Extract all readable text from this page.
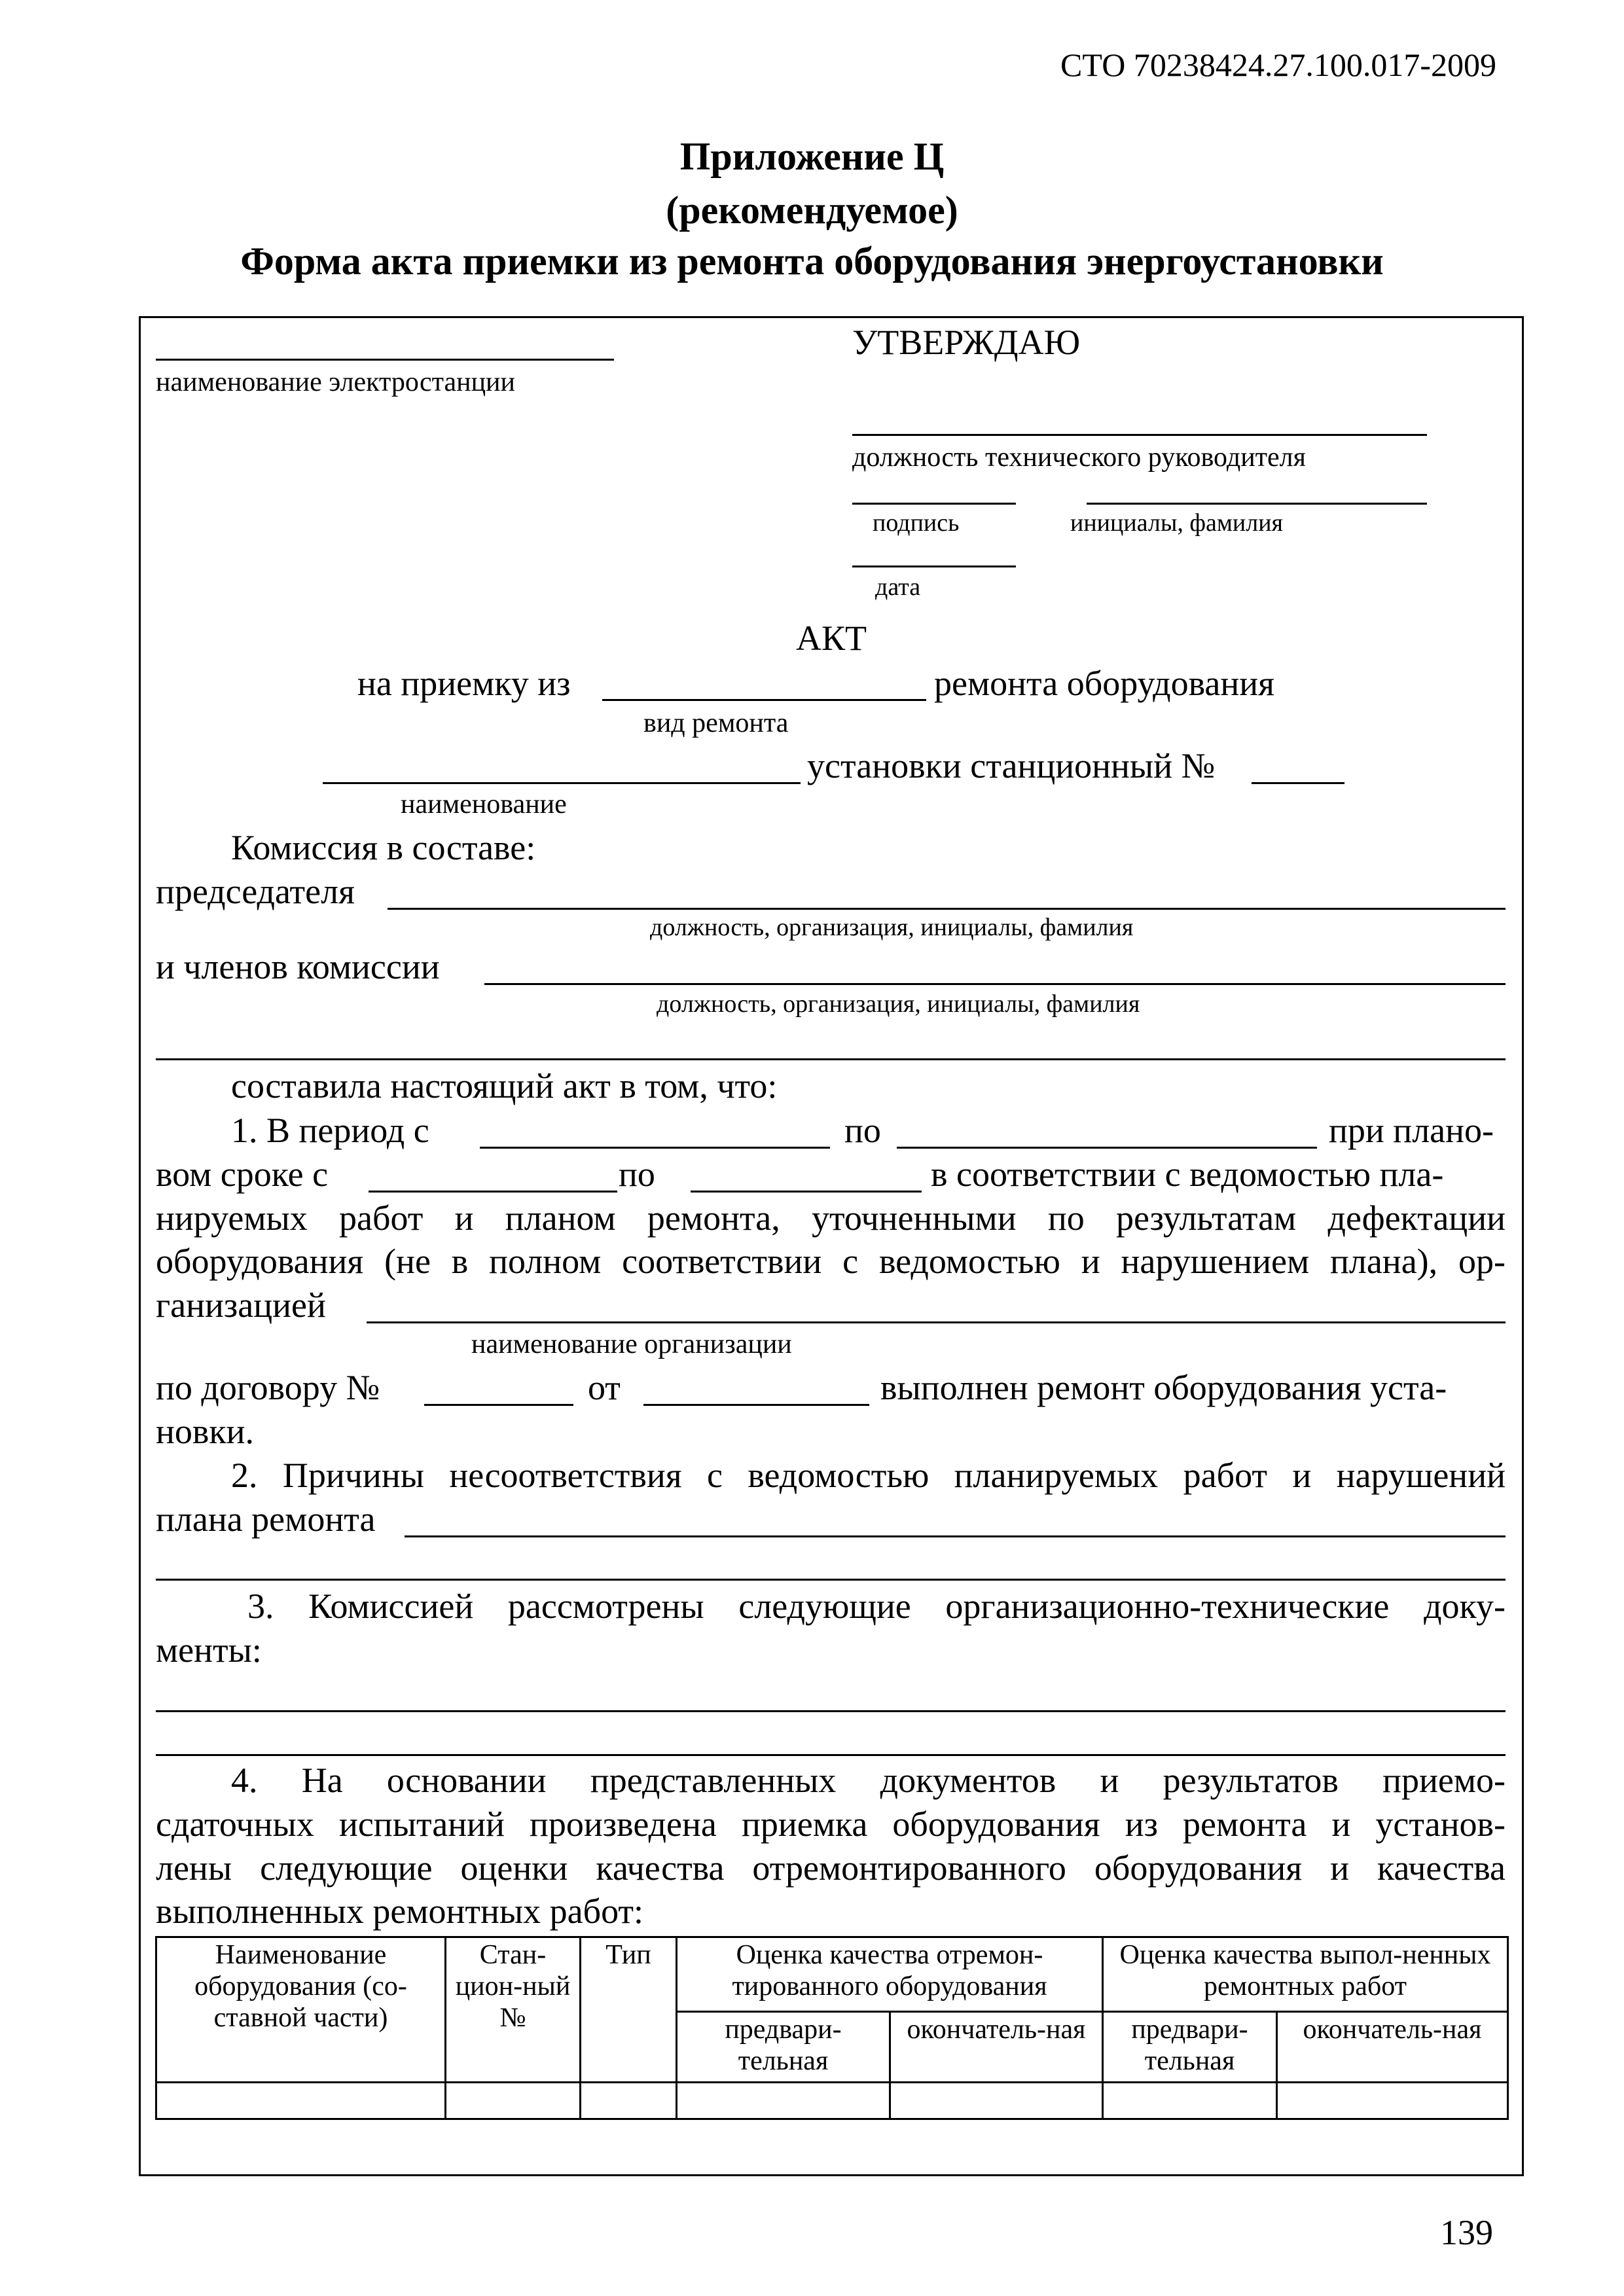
СТО 70238424.27.100.017-2009
Приложение Ц
(рекомендуемое)
Форма акта приемки из ремонта оборудования энергоустановки
наименование электростанции
УТВЕРЖДАЮ
должность технического руководителя
подпись	инициалы, фамилия
дата
АКТ
на приемку из	ремонта оборудования
вид ремонта
установки станционный №
наименование
Комиссия в составе:
председателя
должность, организация, инициалы, фамилия
и членов комиссии
должность, организация, инициалы, фамилия
составила настоящий акт в том, что:
1. В период с	по	при плано-
вом сроке с	по	в соответствии с ведомостью пла-
нируемых работ и планом ремонта, уточненными по результатам дефектации
оборудования (не в полном соответствии с ведомостью и нарушением плана), ор-
ганизацией
наименование организации
по договору №	от	выполнен ремонт оборудования уста-
новки.
2. Причины несоответствия с ведомостью планируемых работ и нарушений
плана ремонта
3. Комиссией рассмотрены следующие организационно-технические доку-
менты:
4. На основании представленных документов и результатов приемо-
сдаточных испытаний произведена приемка оборудования из ремонта и установ-
лены следующие оценки качества отремонтированного оборудования и качества
выполненных ремонтных работ:
Наименование оборудования (со-ставной части)	Стан-цион-ный №	Тип	Оценка качества отремон-тированного оборудования		Оценка качества выпол-ненных ремонтных работ	
			предвари-тельная	окончатель-ная	предвари-тельная	окончатель-ная

139
